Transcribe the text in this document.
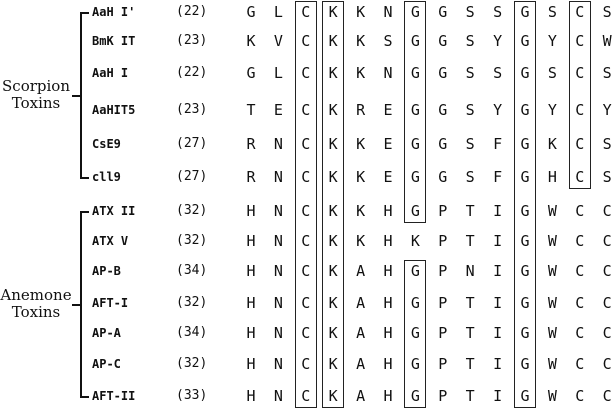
AaH I'	(22)	G	L	C	K	K	N	G	G	S	S	G	S	C	S
BmK IT	(23)	K	V	C	K	K	S	G	G	S	Y	G	Y	C	W
AaH I	(22)	G	L	C	K	K	N	G	G	S	S	G	S	C	S
AaHIT5	(23)	T	E	C	K	R	E	G	G	S	Y	G	Y	C	Y
CsE9	(27)	R	N	C	K	K	E	G	G	S	F	G	K	C	S
cll9	(27)	R	N	C	K	K	E	G	G	S	F	G	H	C	S
ATX II	(32)	H	N	C	K	K	H	G	P	T	I	G	W	C	C
ATX V	(32)	H	N	C	K	K	H	K	P	T	I	G	W	C	C
AP-B	(34)	H	N	C	K	A	H	G	P	N	I	G	W	C	C
AFT-I	(32)	H	N	C	K	A	H	G	P	T	I	G	W	C	C
AP-A	(34)	H	N	C	K	A	H	G	P	T	I	G	W	C	C
AP-C	(32)	H	N	C	K	A	H	G	P	T	I	G	W	C	C
AFT-II	(33)	H	N	C	K	A	H	G	P	T	I	G	W	C	C
Scorpion
Toxins
Anemone
Toxins
